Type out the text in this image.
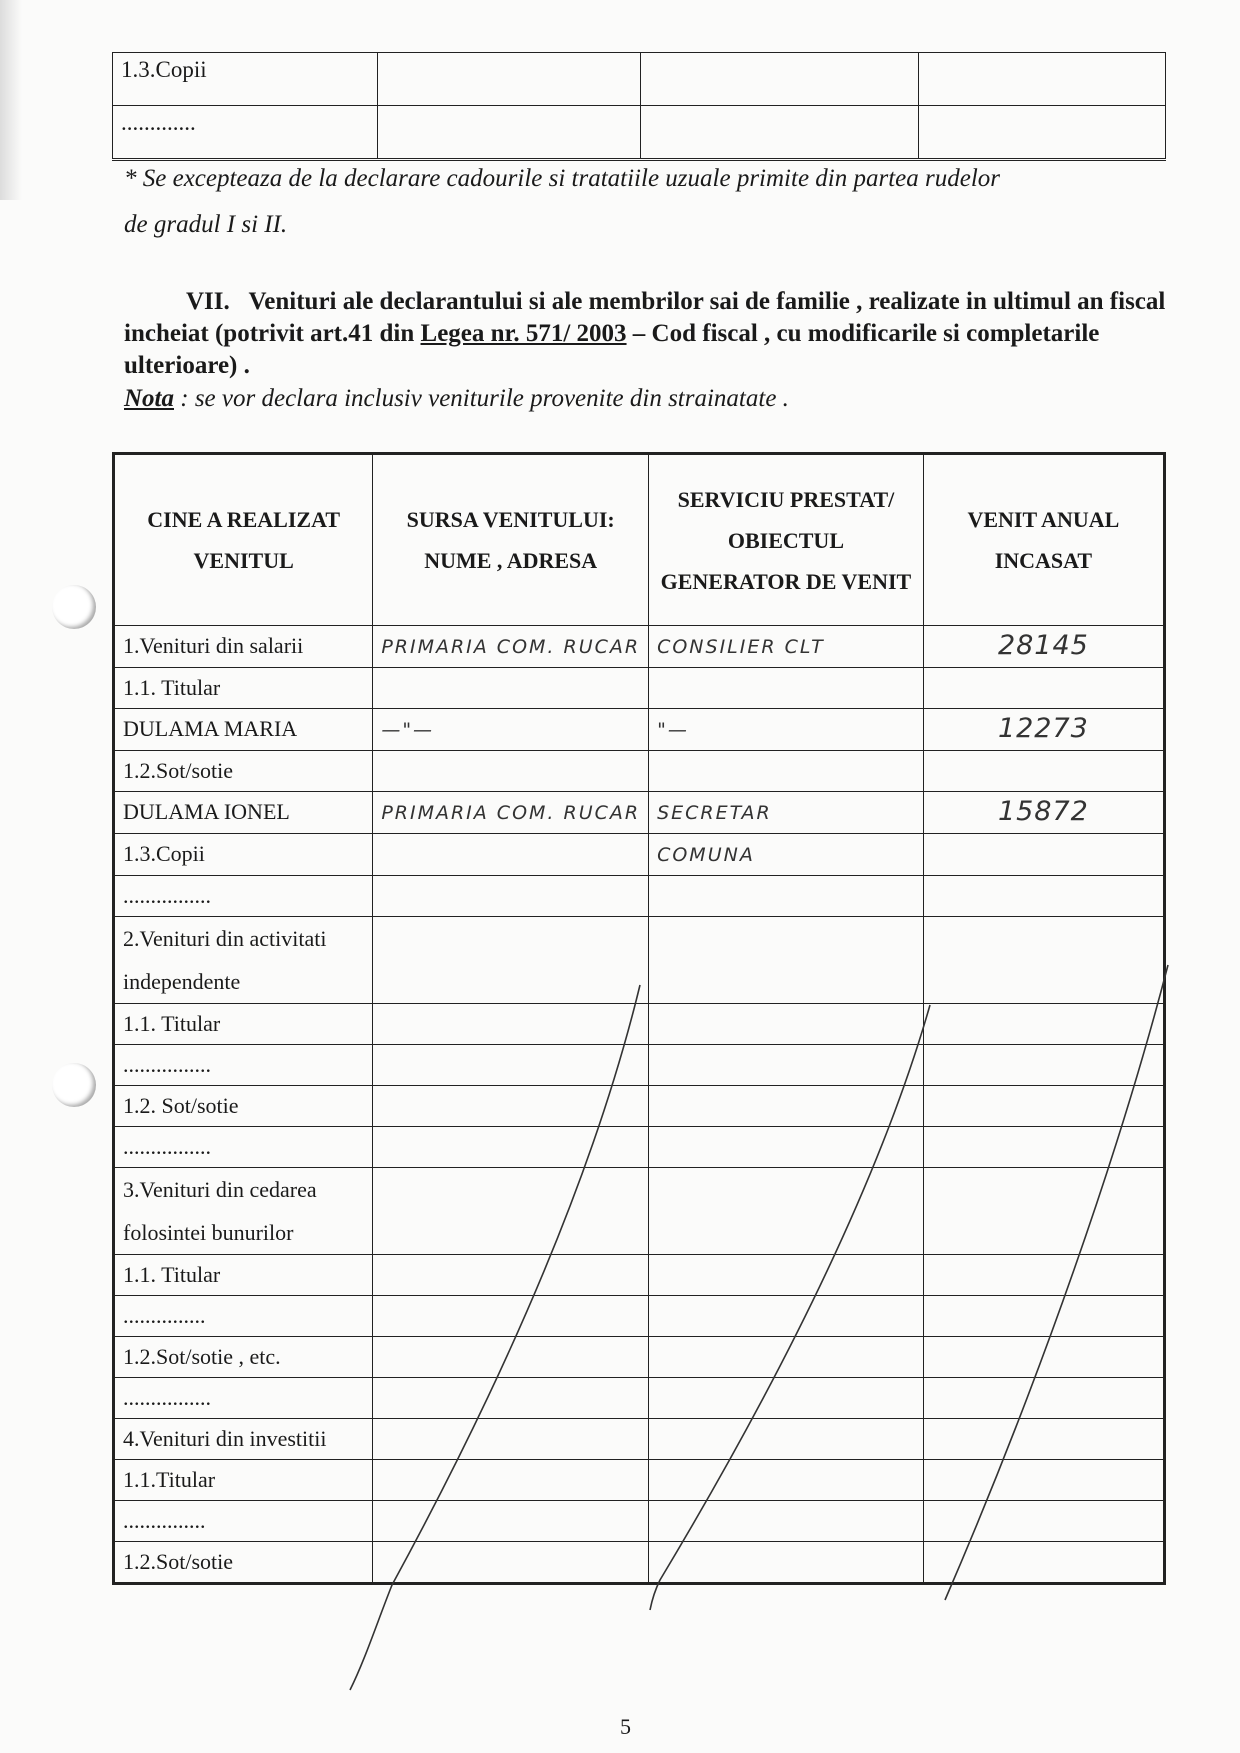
1.3.Copii			
.............			
* Se excepteaza de la declarare cadourile si tratatiile uzuale primite din partea rudelor
de gradul I si II.
VII. Venituri ale declarantului si ale membrilor sai de familie , realizate in ultimul an fiscal incheiat (potrivit art.41 din Legea nr. 571/ 2003 – Cod fiscal , cu modificarile si completarile ulterioare) .
Nota : se vor declara inclusiv veniturile provenite din strainatate .
CINE A REALIZAT VENITUL	SURSA VENITULUI: NUME , ADRESA	SERVICIU PRESTAT/ OBIECTUL GENERATOR DE VENIT	VENIT ANUAL INCASAT
1.Venituri din salarii	PRIMARIA COM. RUCAR	CONSILIER CLT	28145
1.1. Titular			
DULAMA MARIA	—"—	"—	12273
1.2.Sot/sotie			
DULAMA IONEL	PRIMARIA COM. RUCAR	SECRETAR	15872
1.3.Copii		COMUNA	
................			
2.Venituri din activitati independente			
1.1. Titular			
................			
1.2. Sot/sotie			
................			
3.Venituri din cedarea folosintei bunurilor			
1.1. Titular			
...............			
1.2.Sot/sotie , etc.			
................			
4.Venituri din investitii			
1.1.Titular			
...............			
1.2.Sot/sotie			
5
